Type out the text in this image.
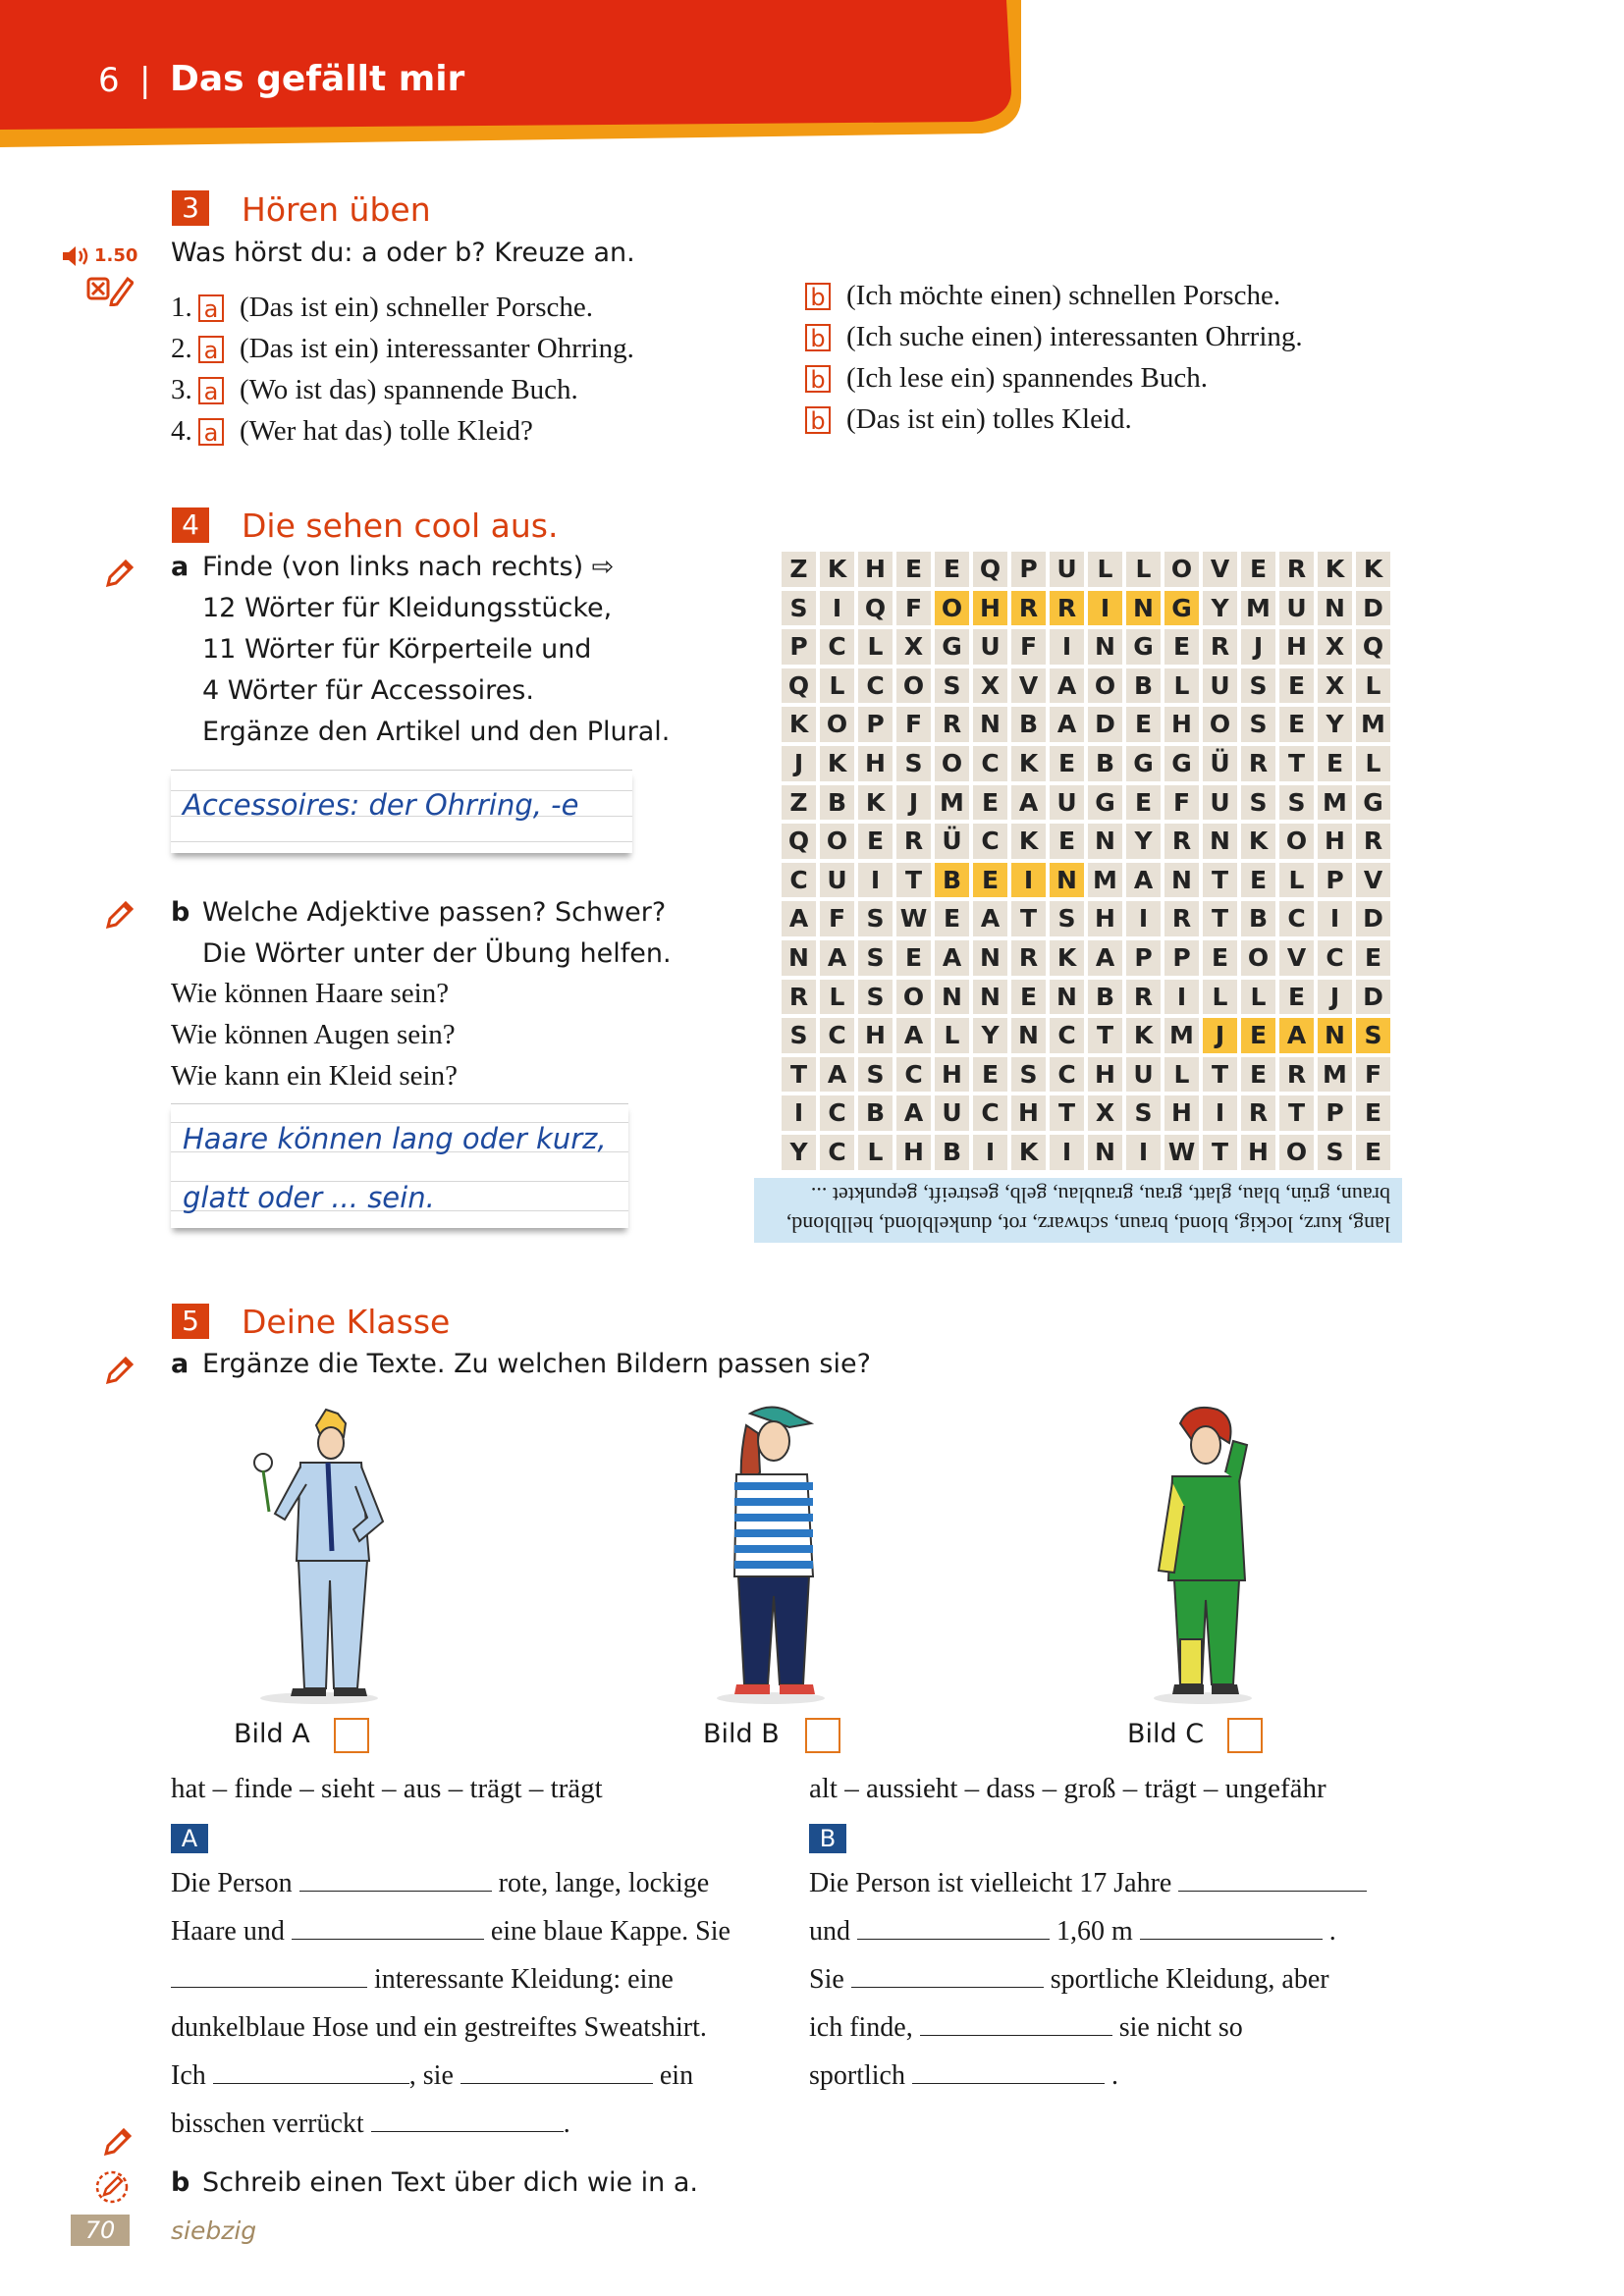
6 | Das gefällt mir
3	Hören üben
1.50 Was hörst du: a oder b? Kreuze an.
1. a (Das ist ein) schneller Porsche.
2. a (Das ist ein) interessanter Ohrring.
3. a (Wo ist das) spannende Buch.
4. a (Wer hat das) tolle Kleid?
b (Ich möchte einen) schnellen Porsche.
b (Ich suche einen) interessanten Ohrring.
b (Ich lese ein) spannendes Buch.
b (Das ist ein) tolles Kleid.
4	Die sehen cool aus.
a Finde (von links nach rechts) ⇨
12 Wörter für Kleidungsstücke,
11 Wörter für Körperteile und
4 Wörter für Accessoires.
Ergänze den Artikel und den Plural.
Accessoires: der Ohrring, -e
b Welche Adjektive passen? Schwer?
Die Wörter unter der Übung helfen.
Wie können Haare sein?
Wie können Augen sein?
Wie kann ein Kleid sein?
Haare können lang oder kurz,
glatt oder ... sein.
Z K H E E Q P U L L O V E R K K
S	I Q F O H R R I N G Y M U N D
P C L X G U F	I N G E R J H X Q
Q L C O S X V A O B L U S E X L
K O P F R N B A D E H O S E Y M
J K H S O C K E B G G Ü R T E L
Z B K J M E A U G E F U S S M G
Q O E R Ü C K E N Y R N K O H R
C U I	T B E	I N M A N T E L P V
A F S W E A T S H I R T B C	I D
N A S E A N R K A P P E O V C E
R L S O N N E N B R I	L L E	J D
S C H A L Y N C T K M J	E A N S
T A S C H E S C H U L T E R M F
I	C B A U C H T X S H I R T P E
Y C L H B I K I N I W T H O S E
lang, kurz, lockig, blond, braun, schwarz, rot, dunkelblond, hellblond, braun, grün, blau, glatt, grau, graublau, gelb, gestreift, gepunktet ...
5	Deine Klasse
a Ergänze die Texte. Zu welchen Bildern passen sie?
Bild A	Bild B	Bild C
hat – finde – sieht – aus – trägt – trägt	alt – aussieht – dass – groß – trägt – ungefähr
A	B
Die Person	rote, lange, lockige
Haare und	eine blaue Kappe. Sie
interessante Kleidung: eine
dunkelblaue Hose und ein gestreiftes Sweatshirt.
Ich	, sie	ein
bisschen verrückt	.
Die Person ist vielleicht 17 Jahre
und	1,60 m	.
Sie	sportliche Kleidung, aber
ich finde,	sie nicht so
sportlich	.
b Schreib einen Text über dich wie in a.
70	siebzig
